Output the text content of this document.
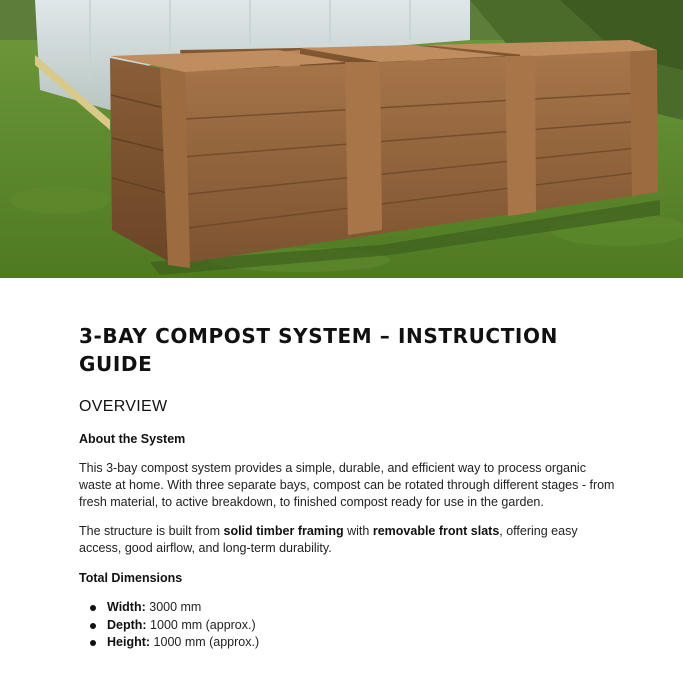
3-BAY COMPOST SYSTEM – INSTRUCTION GUIDE
OVERVIEW
About the System

This 3-bay compost system provides a simple, durable, and efficient way to process organic waste at home. With three separate bays, compost can be rotated through different stages - from fresh material, to active breakdown, to finished compost ready for use in the garden.

The structure is built from solid timber framing with removable front slats, offering easy access, good airflow, and long-term durability.

Total Dimensions
Width: 3000 mm
Depth: 1000 mm (approx.)
Height: 1000 mm (approx.)
